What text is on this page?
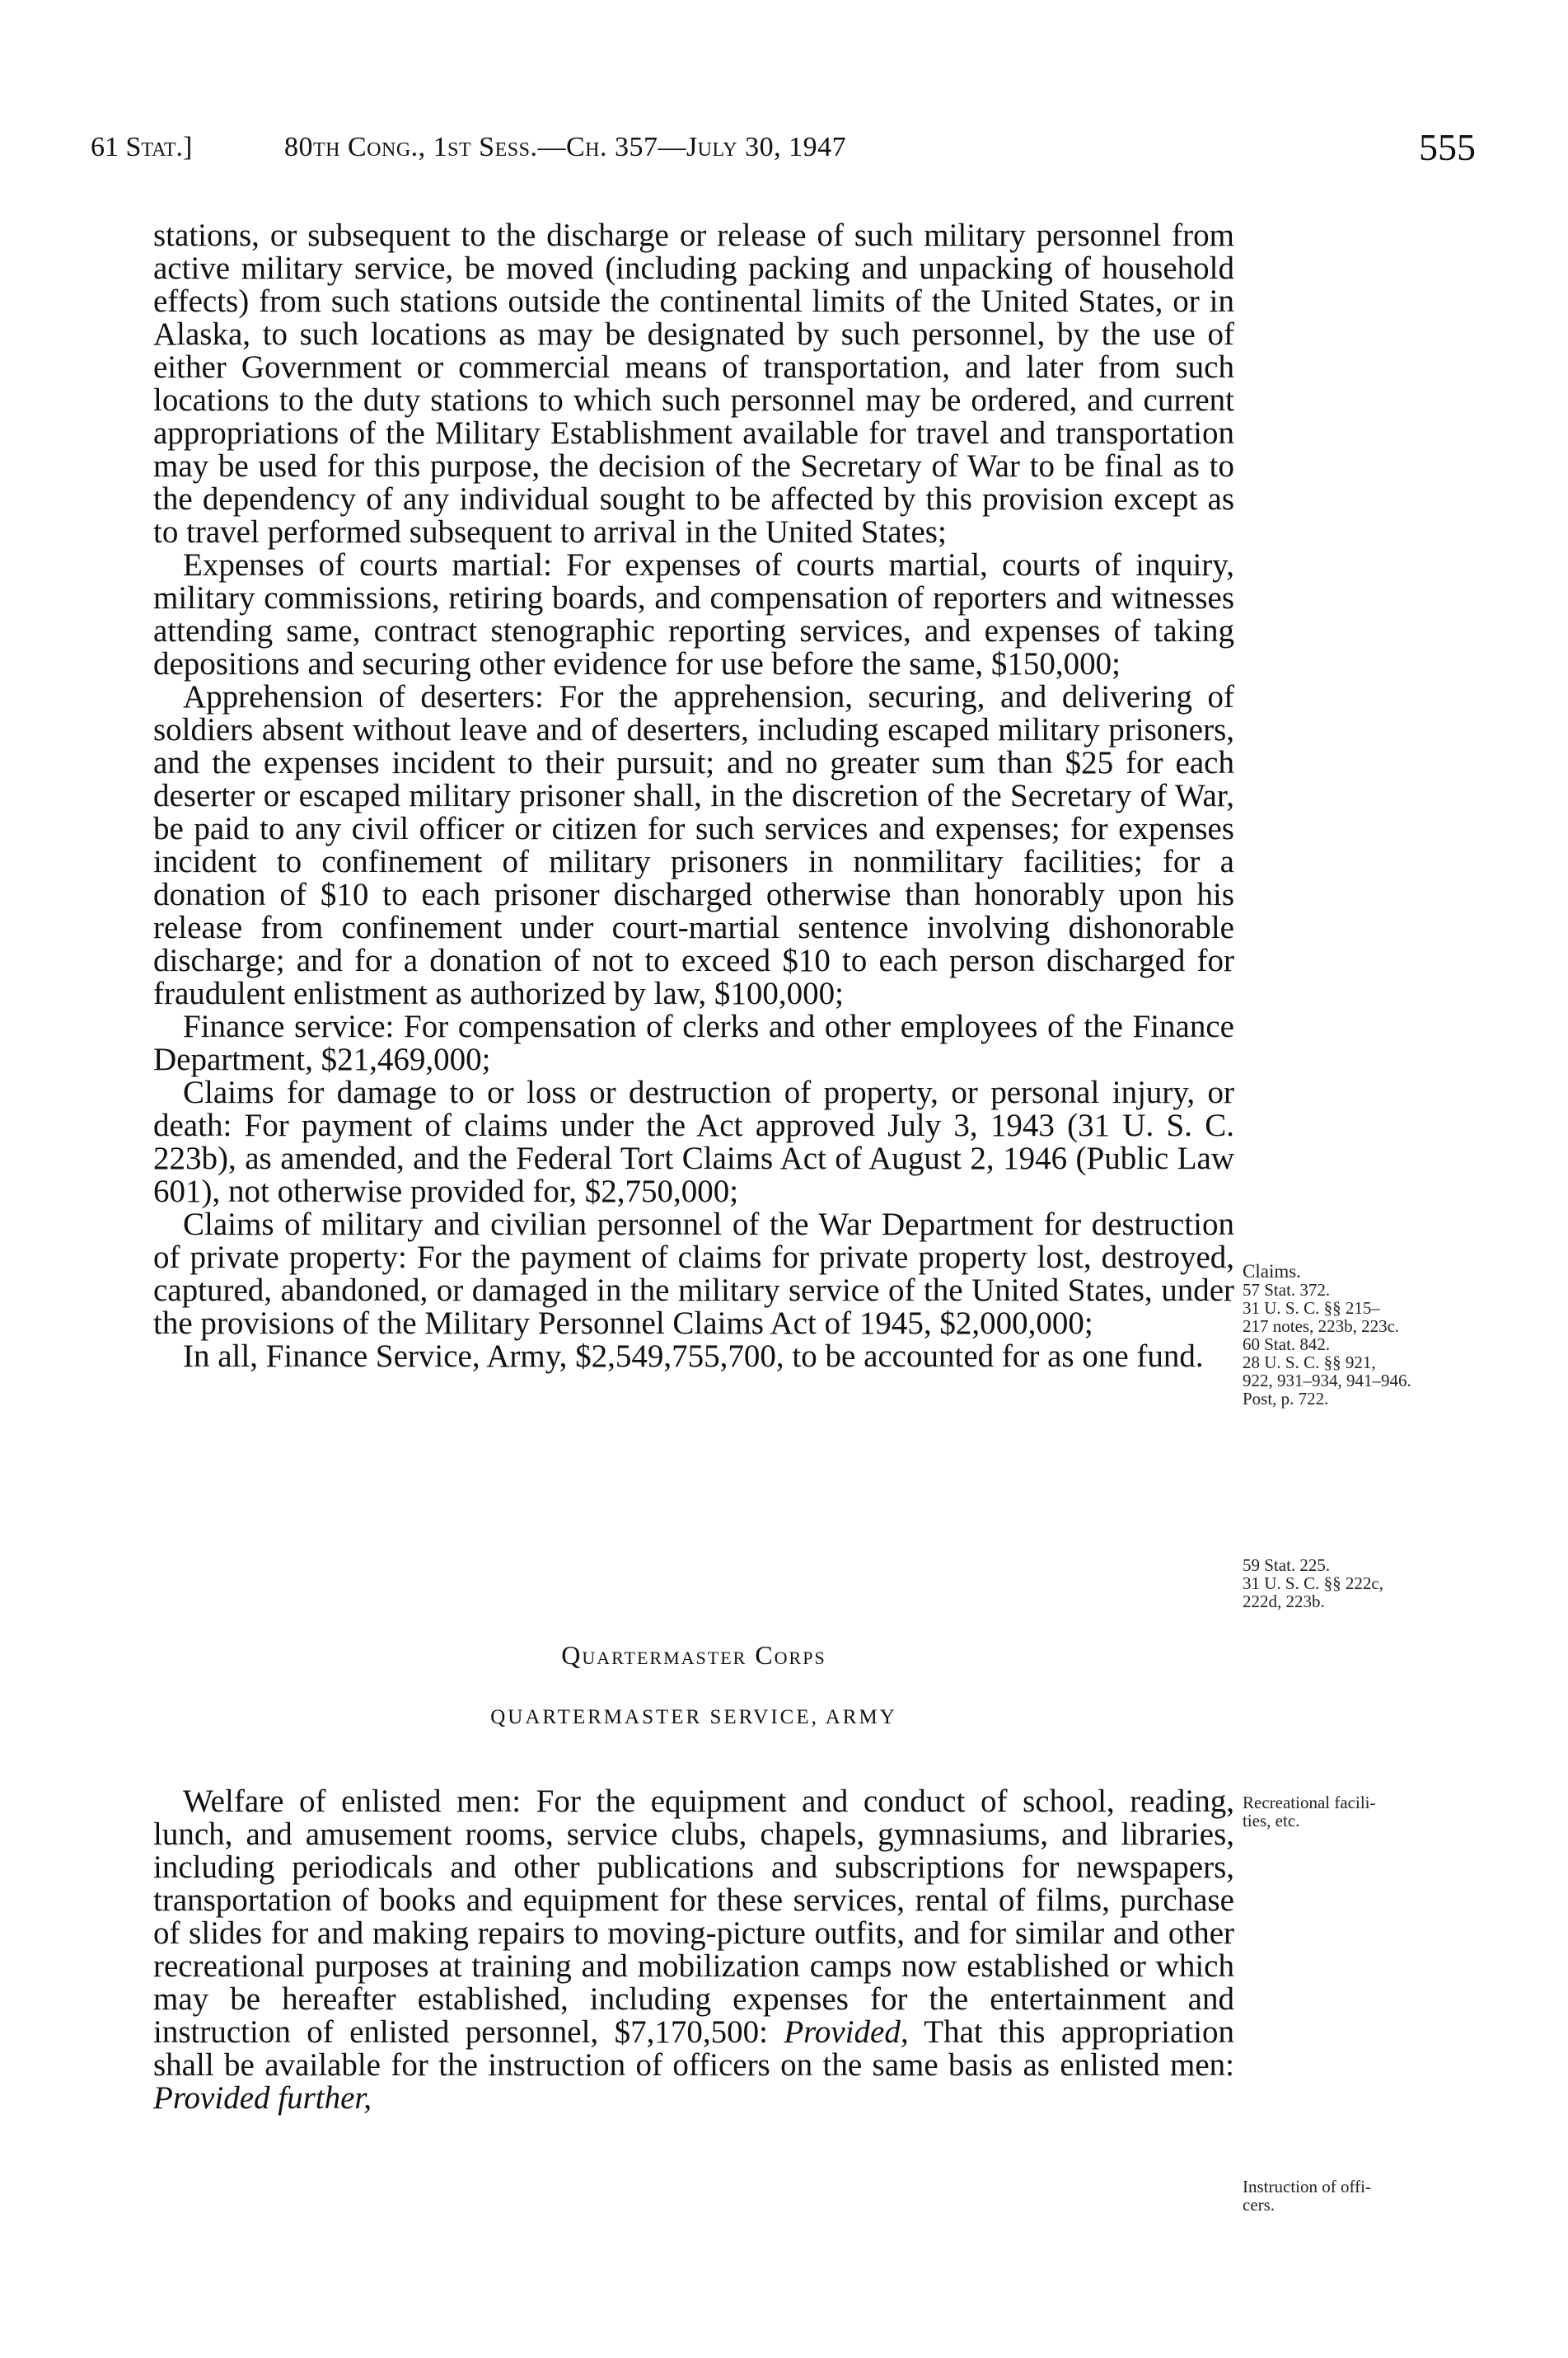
61 Stat.]	80th Cong., 1st Sess.—Ch. 357—July 30, 1947	555

stations, or subsequent to the discharge or release of such military personnel from active military service, be moved (including packing and unpacking of household effects) from such stations outside the continental limits of the United States, or in Alaska, to such locations as may be designated by such personnel, by the use of either Government or commercial means of transportation, and later from such locations to the duty stations to which such personnel may be ordered, and current appropriations of the Military Establishment available for travel and transportation may be used for this purpose, the decision of the Secretary of War to be final as to the dependency of any individual sought to be affected by this provision except as to travel performed subsequent to arrival in the United States;

Expenses of courts martial: For expenses of courts martial, courts of inquiry, military commissions, retiring boards, and compensation of reporters and witnesses attending same, contract stenographic reporting services, and expenses of taking depositions and securing other evidence for use before the same, $150,000;

Apprehension of deserters: For the apprehension, securing, and delivering of soldiers absent without leave and of deserters, including escaped military prisoners, and the expenses incident to their pursuit; and no greater sum than $25 for each deserter or escaped military prisoner shall, in the discretion of the Secretary of War, be paid to any civil officer or citizen for such services and expenses; for expenses incident to confinement of military prisoners in nonmilitary facilities; for a donation of $10 to each prisoner discharged otherwise than honorably upon his release from confinement under court-martial sentence involving dishonorable discharge; and for a donation of not to exceed $10 to each person discharged for fraudulent enlistment as authorized by law, $100,000;

Finance service: For compensation of clerks and other employees of the Finance Department, $21,469,000;

Claims for damage to or loss or destruction of property, or personal injury, or death: For payment of claims under the Act approved July 3, 1943 (31 U. S. C. 223b), as amended, and the Federal Tort Claims Act of August 2, 1946 (Public Law 601), not otherwise provided for, $2,750,000;

Claims of military and civilian personnel of the War Department for destruction of private property: For the payment of claims for private property lost, destroyed, captured, abandoned, or damaged in the military service of the United States, under the provisions of the Military Personnel Claims Act of 1945, $2,000,000;

In all, Finance Service, Army, $2,549,755,700, to be accounted for as one fund.

Quartermaster Corps
QUARTERMASTER SERVICE, ARMY

Welfare of enlisted men: For the equipment and conduct of school, reading, lunch, and amusement rooms, service clubs, chapels, gymnasiums, and libraries, including periodicals and other publications and subscriptions for newspapers, transportation of books and equipment for these services, rental of films, purchase of slides for and making repairs to moving-picture outfits, and for similar and other recreational purposes at training and mobilization camps now established or which may be hereafter established, including expenses for the entertainment and instruction of enlisted personnel, $7,170,500: Provided, That this appropriation shall be available for the instruction of officers on the same basis as enlisted men: Provided further,

Claims.
57 Stat. 372.
31 U. S. C. §§ 215–
217 notes, 223b, 223c.
60 Stat. 842.
28 U. S. C. §§ 921,
922, 931–934, 941–946.
Post, p. 722.
59 Stat. 225.
31 U. S. C. §§ 222c,
222d, 223b.
Recreational facili-
ties, etc.
Instruction of offi-
cers.
